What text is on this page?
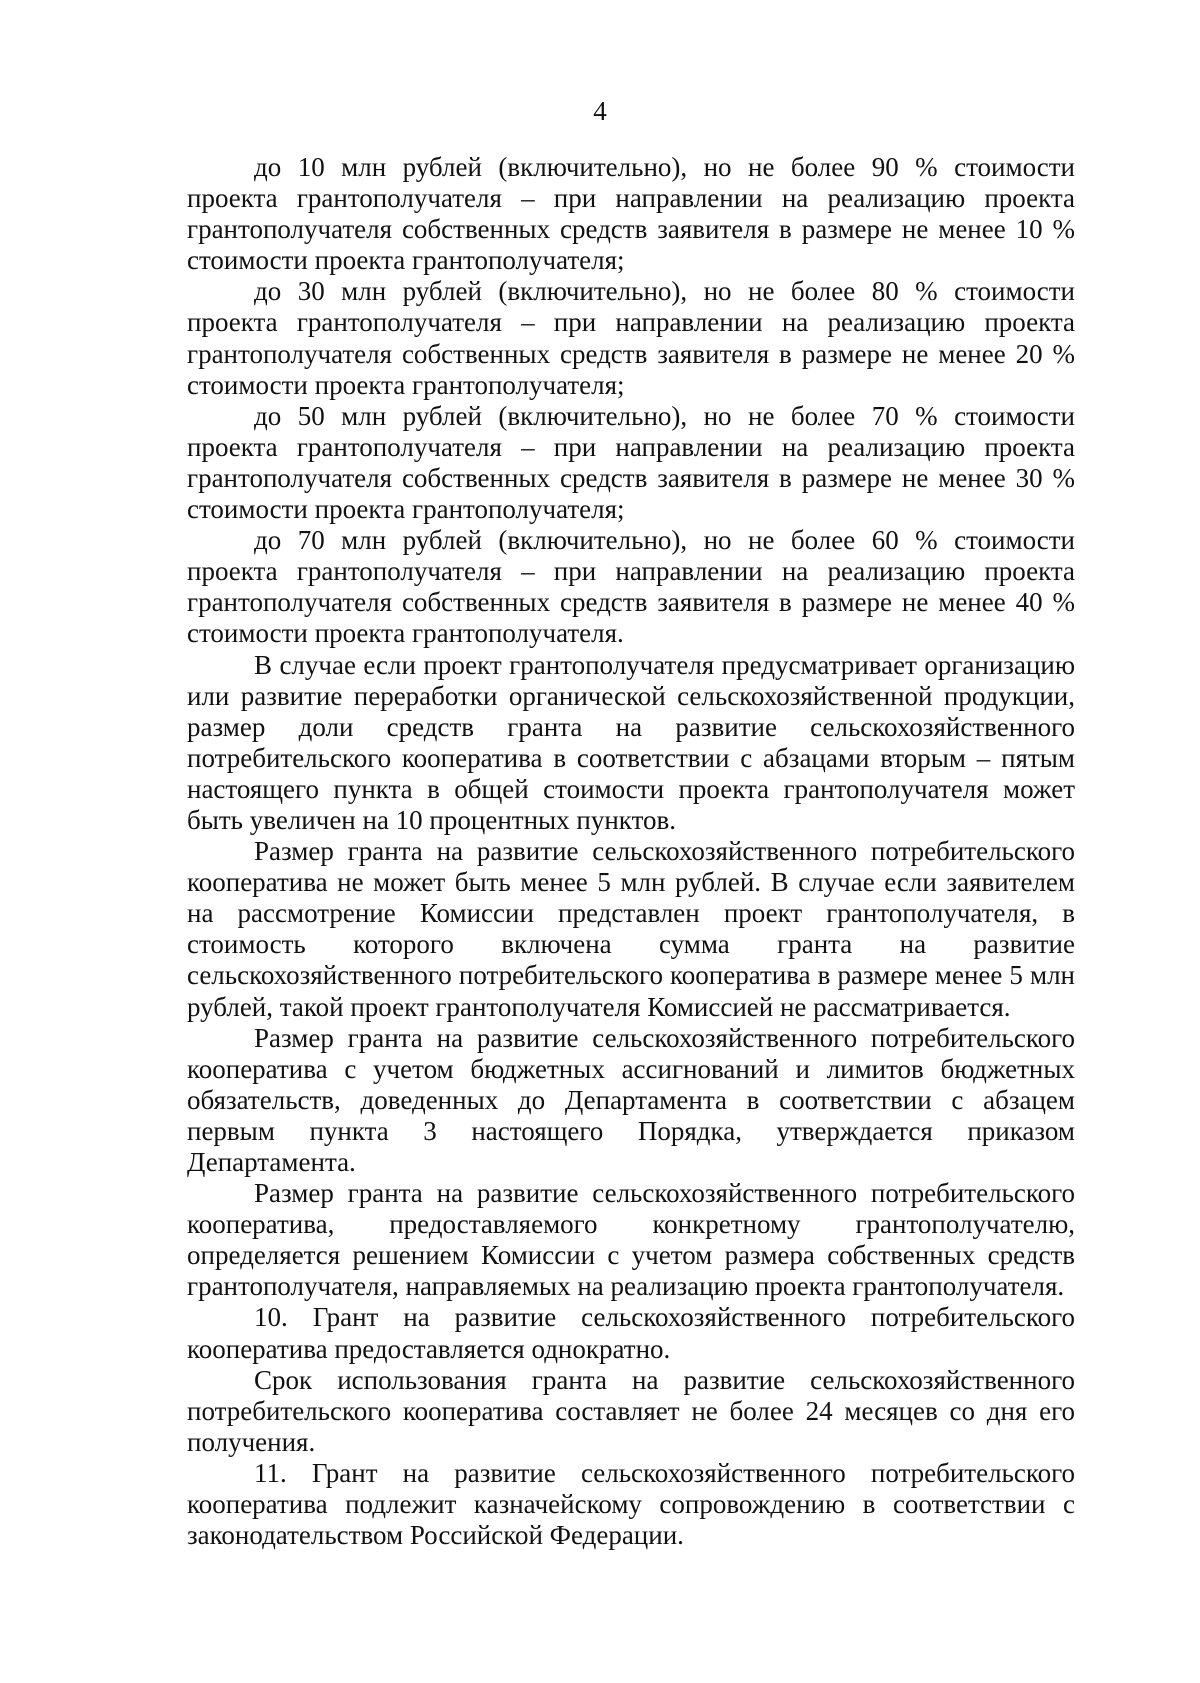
4

до 10 млн рублей (включительно), но не более 90 % стоимости проекта грантополучателя – при направлении на реализацию проекта грантополучателя собственных средств заявителя в размере не менее 10 % стоимости проекта грантополучателя;

до 30 млн рублей (включительно), но не более 80 % стоимости проекта грантополучателя – при направлении на реализацию проекта грантополучателя собственных средств заявителя в размере не менее 20 % стоимости проекта грантополучателя;

до 50 млн рублей (включительно), но не более 70 % стоимости проекта грантополучателя – при направлении на реализацию проекта грантополучателя собственных средств заявителя в размере не менее 30 % стоимости проекта грантополучателя;

до 70 млн рублей (включительно), но не более 60 % стоимости проекта грантополучателя – при направлении на реализацию проекта грантополучателя собственных средств заявителя в размере не менее 40 % стоимости проекта грантополучателя.

В случае если проект грантополучателя предусматривает организацию или развитие переработки органической сельскохозяйственной продукции, размер доли средств гранта на развитие сельскохозяйственного потребительского кооператива в соответствии с абзацами вторым – пятым настоящего пункта в общей стоимости проекта грантополучателя может быть увеличен на 10 процентных пунктов.

Размер гранта на развитие сельскохозяйственного потребительского кооператива не может быть менее 5 млн рублей. В случае если заявителем на рассмотрение Комиссии представлен проект грантополучателя, в стоимость которого включена сумма гранта на развитие сельскохозяйственного потребительского кооператива в размере менее 5 млн рублей, такой проект грантополучателя Комиссией не рассматривается.

Размер гранта на развитие сельскохозяйственного потребительского кооператива с учетом бюджетных ассигнований и лимитов бюджетных обязательств, доведенных до Департамента в соответствии с абзацем первым пункта 3 настоящего Порядка, утверждается приказом Департамента.

Размер гранта на развитие сельскохозяйственного потребительского кооператива, предоставляемого конкретному грантополучателю, определяется решением Комиссии с учетом размера собственных средств грантополучателя, направляемых на реализацию проекта грантополучателя.

10. Грант на развитие сельскохозяйственного потребительского кооператива предоставляется однократно.

Срок использования гранта на развитие сельскохозяйственного потребительского кооператива составляет не более 24 месяцев со дня его получения.

11. Грант на развитие сельскохозяйственного потребительского кооператива подлежит казначейскому сопровождению в соответствии с законодательством Российской Федерации.
